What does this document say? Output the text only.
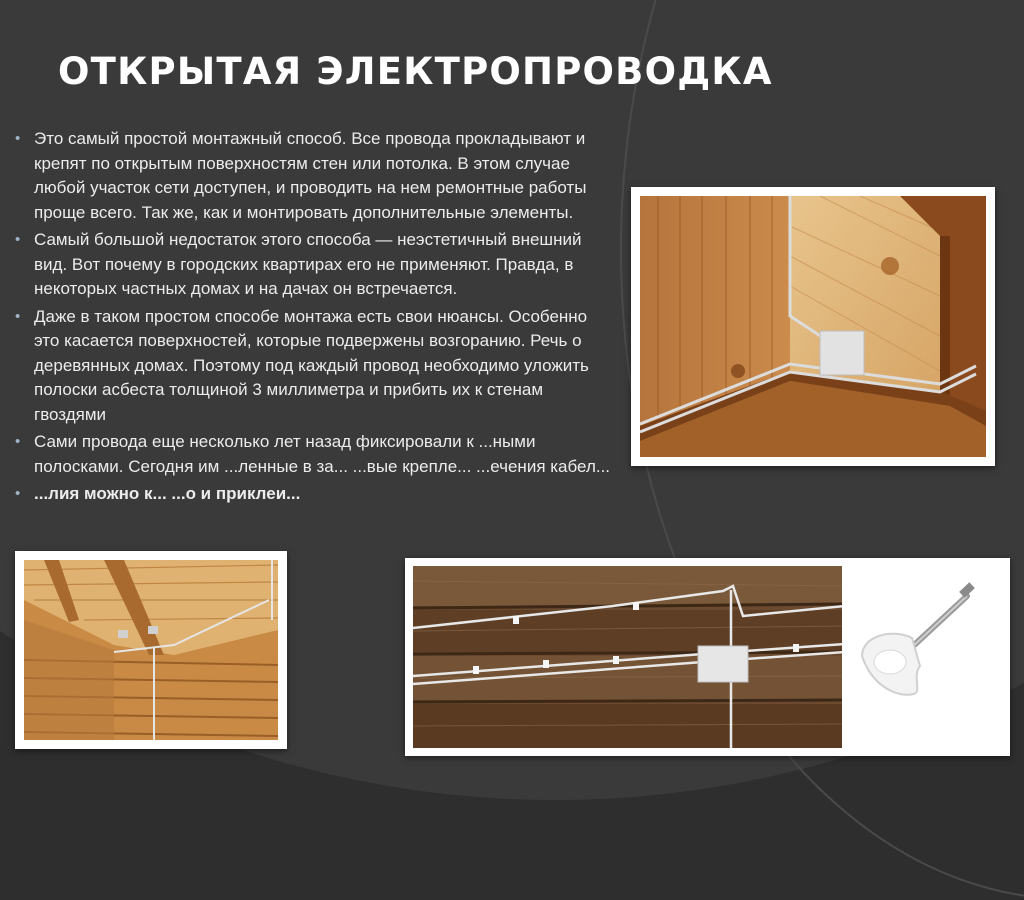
ОТКРЫТАЯ ЭЛЕКТРОПРОВОДКА
• Это самый простой монтажный способ. Все провода прокладывают и крепят по открытым поверхностям стен или потолка. В этом случае любой участок сети доступен, и проводить на нем ремонтные работы проще всего. Так же, как и монтировать дополнительные элементы.
• Самый большой недостаток этого способа — неэстетичный внешний вид. Вот почему в городских квартирах его не применяют. Правда, в некоторых частных домах и на дачах он встречается.
• Даже в таком простом способе монтажа есть свои нюансы. Особенно это касается поверхностей, которые подвержены возгоранию. Речь о деревянных домах. Поэтому под каждый провод необходимо уложить полоски асбеста толщиной 3 миллиметра и прибить их к стенам гвоздями
• Сами провода еще несколько лет назад фиксировали к ...ными полосками. Сегодня им ...ленные в за... ...вые крепле... ...ечения кабел...
• ...лия можно к... ...о и приклеи...
